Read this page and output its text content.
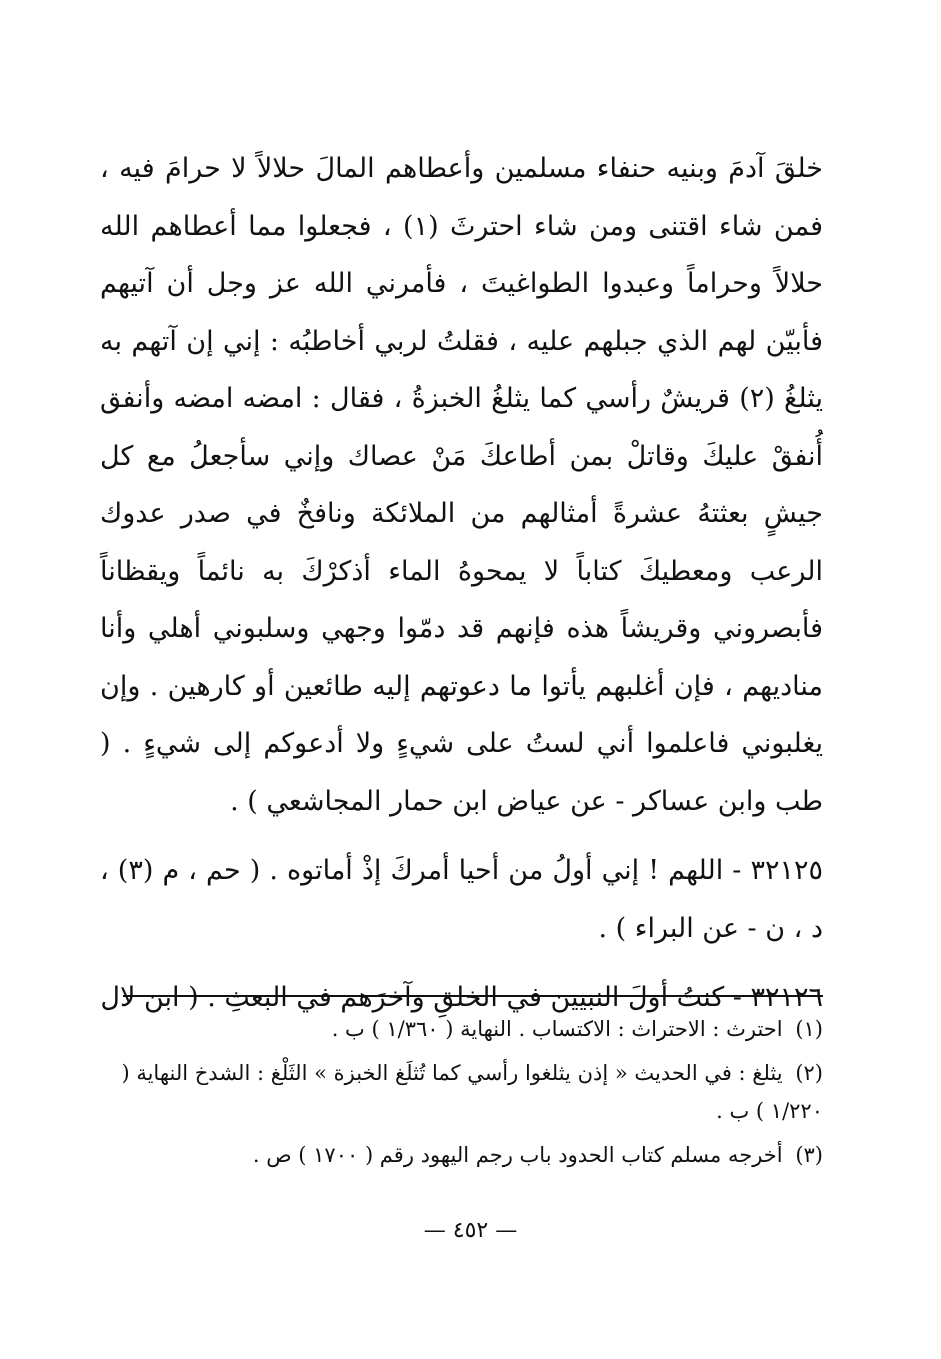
خلقَ آدمَ وبنيه حنفاء مسلمين وأعطاهم المالَ حلالاً لا حرامَ فيه ، فمن شاء اقتنى ومن شاء احترثَ (١) ، فجعلوا مما أعطاهم الله حلالاً وحراماً وعبدوا الطواغيتَ ، فأمرني الله عز وجل أن آتيهم فأبيّن لهم الذي جبلهم عليه ، فقلتُ لربي أخاطبُه : إني إن آتهم به يثلغُ (٢) قريشٌ رأسي كما يثلغُ الخبزةُ ، فقال : امضه امضه وأنفق أُنفقْ عليكَ وقاتلْ بمن أطاعكَ مَنْ عصاك وإني سأجعلُ مع كل جيشٍ بعثتهُ عشرةً أمثالهم من الملائكة ونافخٌ في صدر عدوك الرعب ومعطيكَ كتاباً لا يمحوهُ الماء أذكرْكَ به نائماً ويقظاناً فأبصروني وقريشاً هذه فإنهم قد دمّوا وجهي وسلبوني أهلي وأنا مناديهم ، فإن أغلبهم يأتوا ما دعوتهم إليه طائعين أو كارهين . وإن يغلبوني فاعلموا أني لستُ على شيءٍ ولا أدعوكم إلى شيءٍ . ( طب وابن عساكر - عن عياض ابن حمار المجاشعي ) .

٣٢١٢٥ - اللهم ! إني أولُ من أحيا أمركَ إذْ أماتوه . ( حم ، م (٣) ، د ، ن - عن البراء ) .

٣٢١٢٦ - كنتُ أولَ النبيين في الخلقِ وآخرَهم في البعثِ . ( ابن لال

(١) احترث : الاحتراث : الاكتساب . النهاية ( ١/٣٦٠ ) ب .

(٢) يثلغ : في الحديث « إذن يثلغوا رأسي كما تُثلَغ الخبزة » الثَلْغ : الشدخ النهاية ( ١/٢٢٠ ) ب .

(٣) أخرجه مسلم كتاب الحدود باب رجم اليهود رقم ( ١٧٠٠ ) ص .

— ٤٥٢ —
